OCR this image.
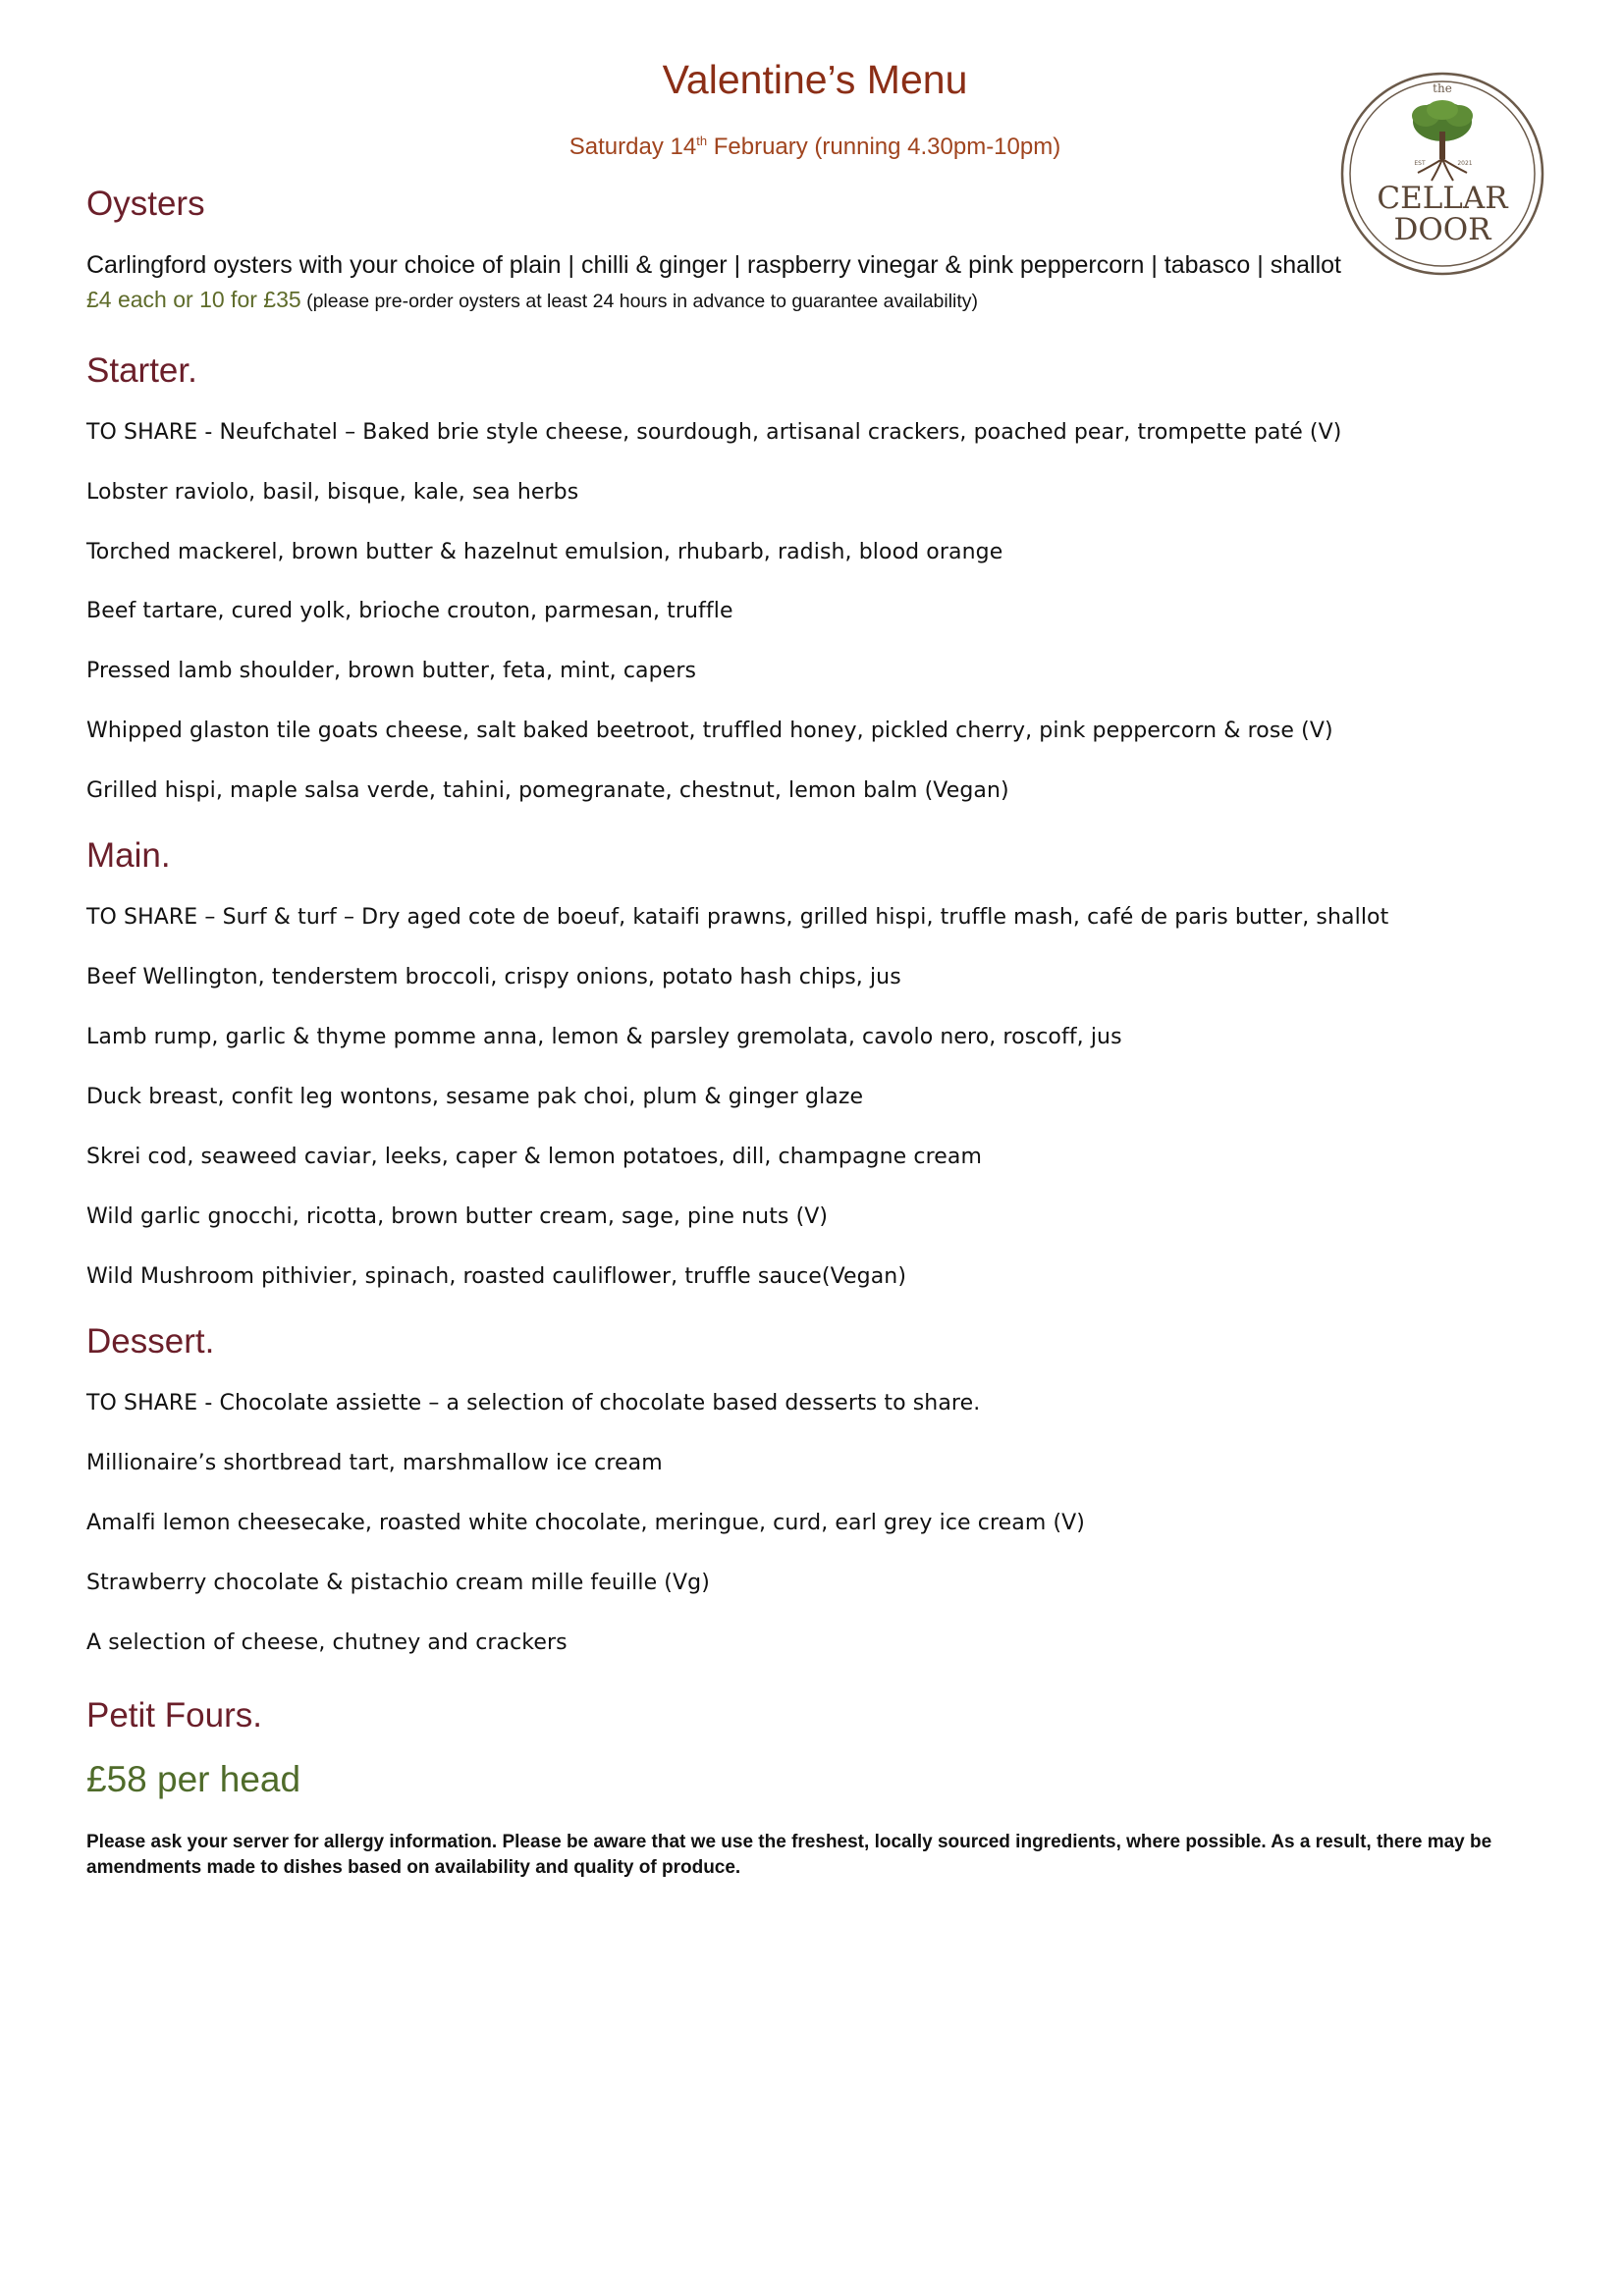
Valentine’s Menu
Saturday 14th February (running 4.30pm-10pm)
the
EST	2021
CELLAR
DOOR
Oysters
Carlingford oysters with your choice of plain | chilli & ginger | raspberry vinegar & pink peppercorn | tabasco | shallot
£4 each or 10 for £35 (please pre-order oysters at least 24 hours in advance to guarantee availability)
Starter.
TO SHARE - Neufchatel – Baked brie style cheese, sourdough, artisanal crackers, poached pear, trompette paté (V)
Lobster raviolo, basil, bisque, kale, sea herbs
Torched mackerel, brown butter & hazelnut emulsion, rhubarb, radish, blood orange
Beef tartare, cured yolk, brioche crouton, parmesan, truffle
Pressed lamb shoulder, brown butter, feta, mint, capers
Whipped glaston tile goats cheese, salt baked beetroot, truffled honey, pickled cherry, pink peppercorn & rose (V)
Grilled hispi, maple salsa verde, tahini, pomegranate, chestnut, lemon balm (Vegan)
Main.
TO SHARE – Surf & turf – Dry aged cote de boeuf, kataifi prawns, grilled hispi, truffle mash, café de paris butter, shallot
Beef Wellington, tenderstem broccoli, crispy onions, potato hash chips, jus
Lamb rump, garlic & thyme pomme anna, lemon & parsley gremolata, cavolo nero, roscoff, jus
Duck breast, confit leg wontons, sesame pak choi, plum & ginger glaze
Skrei cod, seaweed caviar, leeks, caper & lemon potatoes, dill, champagne cream
Wild garlic gnocchi, ricotta, brown butter cream, sage, pine nuts (V)
Wild Mushroom pithivier, spinach, roasted cauliflower, truffle sauce(Vegan)
Dessert.
TO SHARE - Chocolate assiette – a selection of chocolate based desserts to share.
Millionaire’s shortbread tart, marshmallow ice cream
Amalfi lemon cheesecake, roasted white chocolate, meringue, curd, earl grey ice cream (V)
Strawberry chocolate & pistachio cream mille feuille (Vg)
A selection of cheese, chutney and crackers
Petit Fours.
£58 per head
Please ask your server for allergy information. Please be aware that we use the freshest, locally sourced ingredients, where possible. As a result, there may be amendments made to dishes based on availability and quality of produce.
